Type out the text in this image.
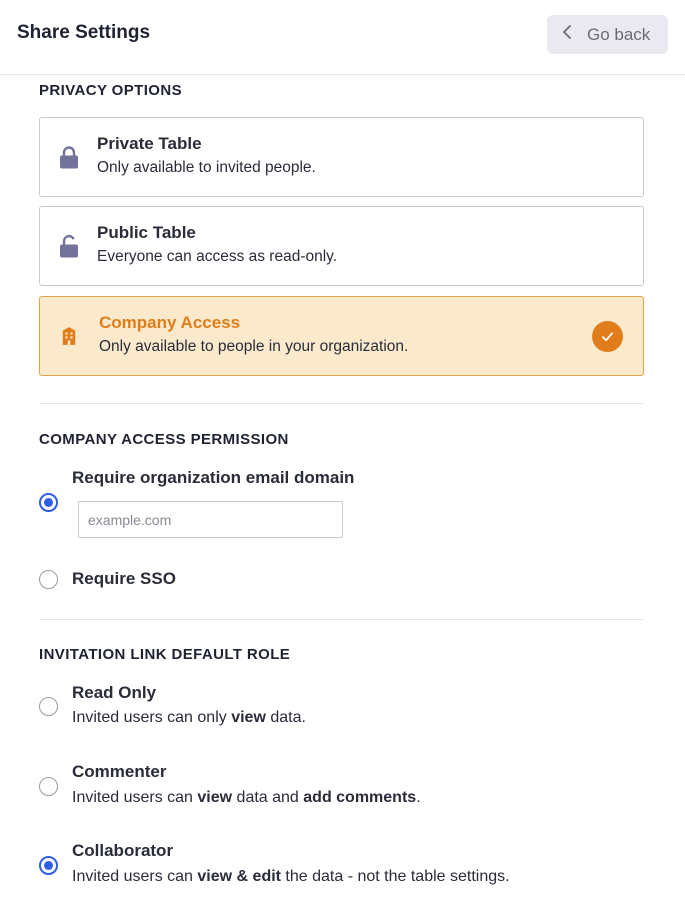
Share Settings	Go back
PRIVACY OPTIONS
Private Table
Only available to invited people.
Public Table
Everyone can access as read-only.
Company Access
Only available to people in your organization.
COMPANY ACCESS PERMISSION
Require organization email domain
example.com
Require SSO
INVITATION LINK DEFAULT ROLE
Read Only
Invited users can only view data.
Commenter
Invited users can view data and add comments.
Collaborator
Invited users can view & edit the data - not the table settings.
